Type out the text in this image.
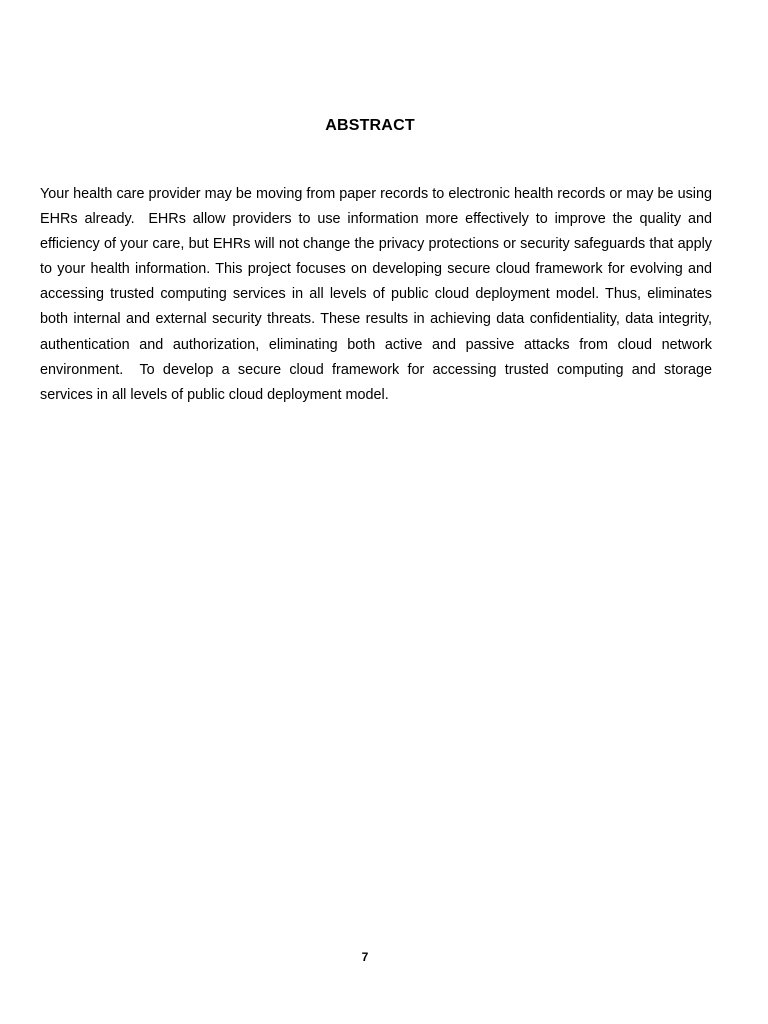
ABSTRACT

Your health care provider may be moving from paper records to electronic health records or may be using EHRs already.  EHRs allow providers to use information more effectively to improve the quality and efficiency of your care, but EHRs will not change the privacy protections or security safeguards that apply to your health information. This project focuses on developing secure cloud framework for evolving and accessing trusted computing services in all levels of public cloud deployment model. Thus, eliminates both internal and external security threats. These results in achieving data confidentiality, data integrity, authentication and authorization, eliminating both active and passive attacks from cloud network environment.  To develop a secure cloud framework for accessing trusted computing and storage services in all levels of public cloud deployment model.

7
